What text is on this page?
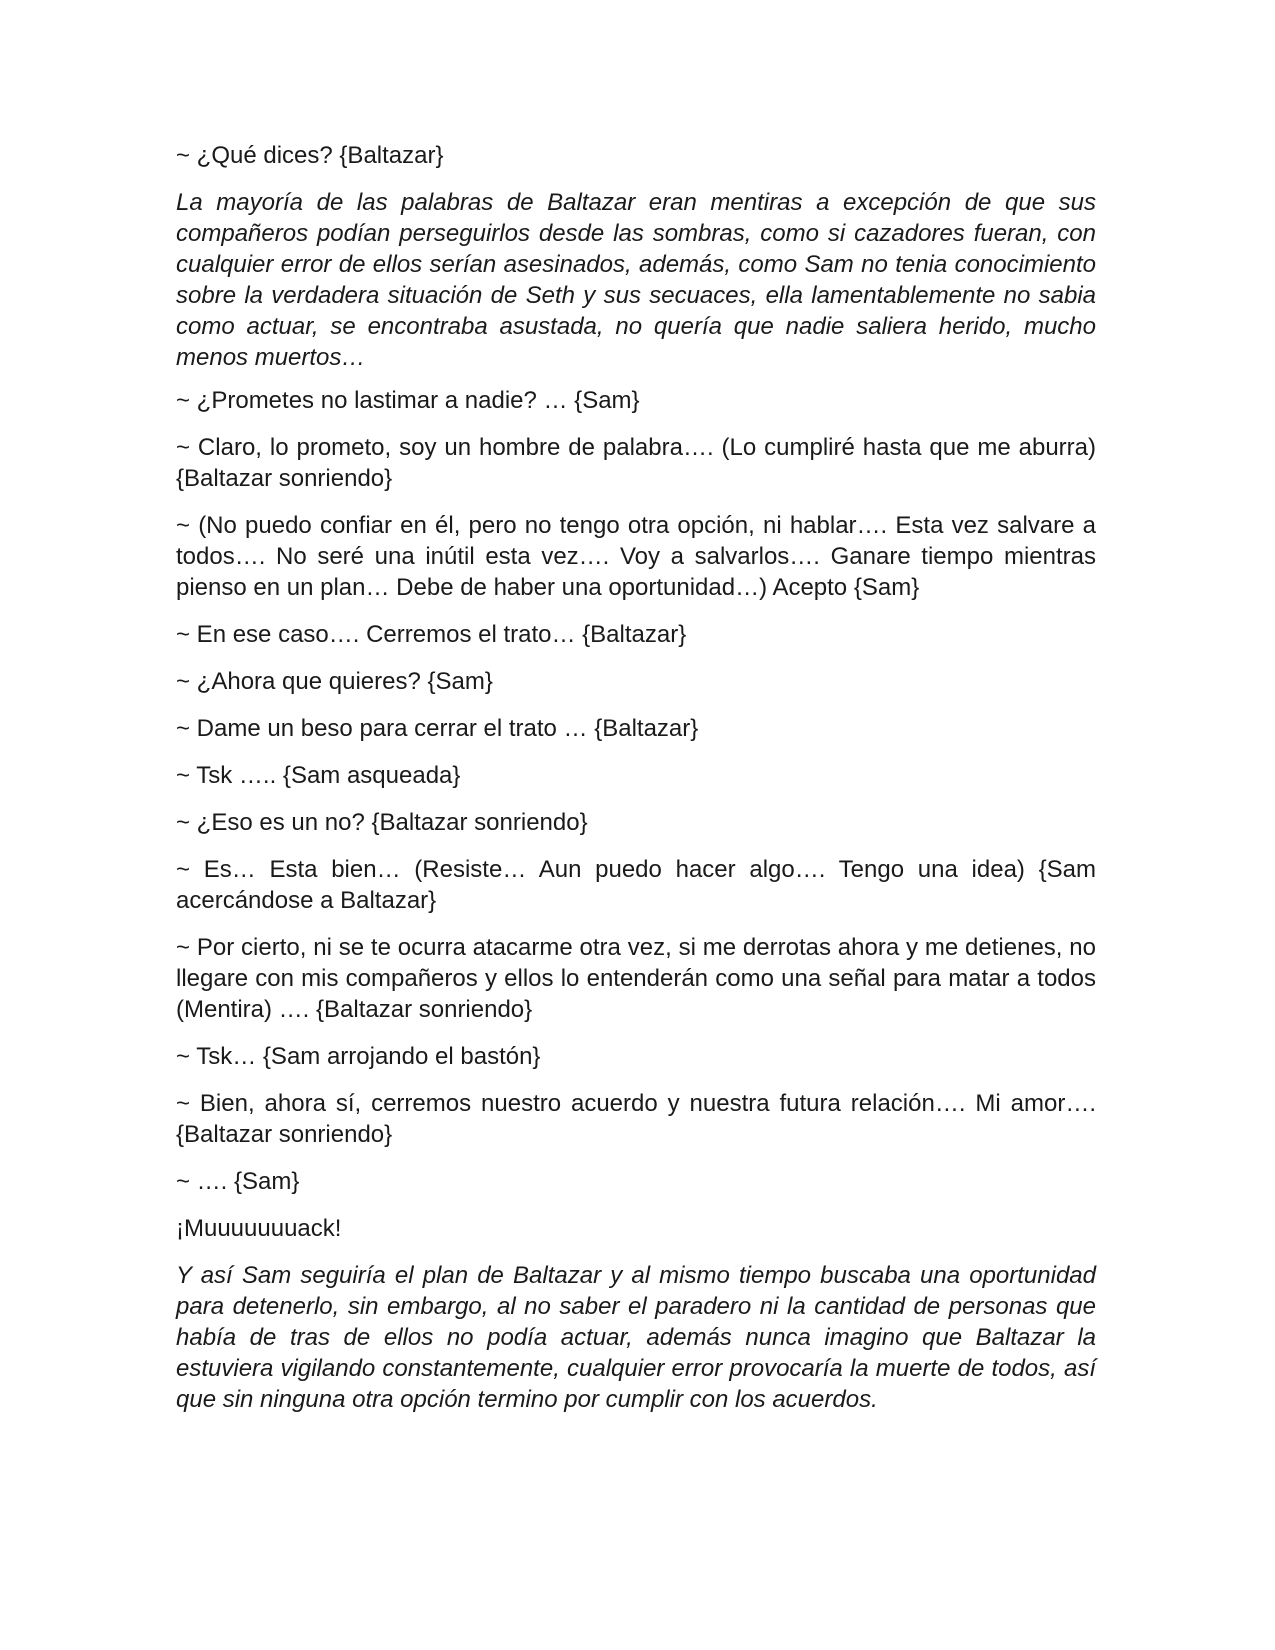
~ ¿Qué dices? {Baltazar}

La mayoría de las palabras de Baltazar eran mentiras a excepción de que sus compañeros podían perseguirlos desde las sombras, como si cazadores fueran, con cualquier error de ellos serían asesinados, además, como Sam no tenia conocimiento sobre la verdadera situación de Seth y sus secuaces, ella lamentablemente no sabia como actuar, se encontraba asustada, no quería que nadie saliera herido, mucho menos muertos…

~ ¿Prometes no lastimar a nadie? … {Sam}

~ Claro, lo prometo, soy un hombre de palabra…. (Lo cumpliré hasta que me aburra) {Baltazar sonriendo}

~ (No puedo confiar en él, pero no tengo otra opción, ni hablar…. Esta vez salvare a todos…. No seré una inútil esta vez…. Voy a salvarlos…. Ganare tiempo mientras pienso en un plan… Debe de haber una oportunidad…) Acepto {Sam}

~ En ese caso…. Cerremos el trato… {Baltazar}

~ ¿Ahora que quieres? {Sam}

~ Dame un beso para cerrar el trato … {Baltazar}

~ Tsk ….. {Sam asqueada}

~ ¿Eso es un no? {Baltazar sonriendo}

~ Es… Esta bien… (Resiste… Aun puedo hacer algo…. Tengo una idea) {Sam acercándose a Baltazar}

~ Por cierto, ni se te ocurra atacarme otra vez, si me derrotas ahora y me detienes, no llegare con mis compañeros y ellos lo entenderán como una señal para matar a todos (Mentira) …. {Baltazar sonriendo}

~ Tsk… {Sam arrojando el bastón}

~ Bien, ahora sí, cerremos nuestro acuerdo y nuestra futura relación…. Mi amor…. {Baltazar sonriendo}

~ …. {Sam}

¡Muuuuuuuack!

Y así Sam seguiría el plan de Baltazar y al mismo tiempo buscaba una oportunidad para detenerlo, sin embargo, al no saber el paradero ni la cantidad de personas que había de tras de ellos no podía actuar, además nunca imagino que Baltazar la estuviera vigilando constantemente, cualquier error provocaría la muerte de todos, así que sin ninguna otra opción termino por cumplir con los acuerdos.
